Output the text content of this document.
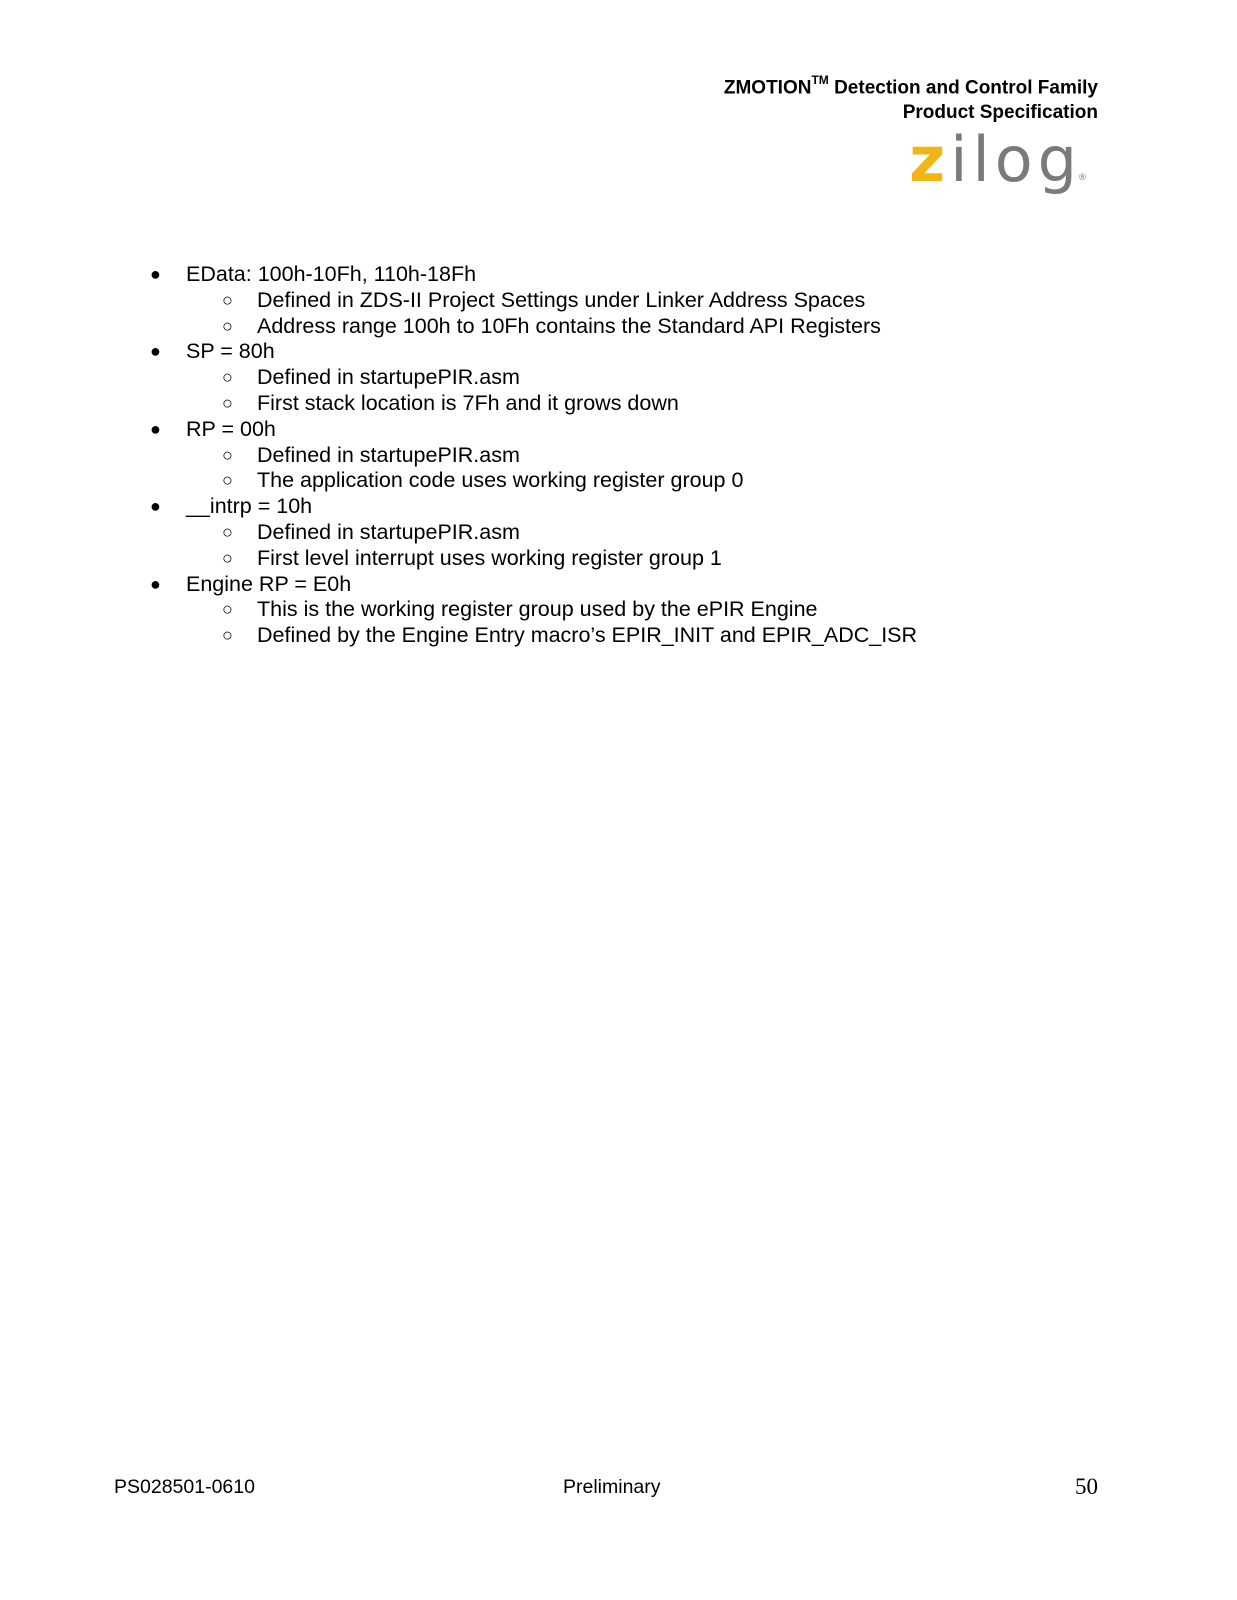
ZMOTION™ Detection and Control Family
Product Specification
zilog®
● EData: 100h-10Fh, 110h-18Fh
○ Defined in ZDS-II Project Settings under Linker Address Spaces
○ Address range 100h to 10Fh contains the Standard API Registers
● SP = 80h
○ Defined in startupePIR.asm
○ First stack location is 7Fh and it grows down
● RP = 00h
○ Defined in startupePIR.asm
○ The application code uses working register group 0
● __intrp = 10h
○ Defined in startupePIR.asm
○ First level interrupt uses working register group 1
● Engine RP = E0h
○ This is the working register group used by the ePIR Engine
○ Defined by the Engine Entry macro’s EPIR_INIT and EPIR_ADC_ISR
PS028501-0610	Preliminary	50
